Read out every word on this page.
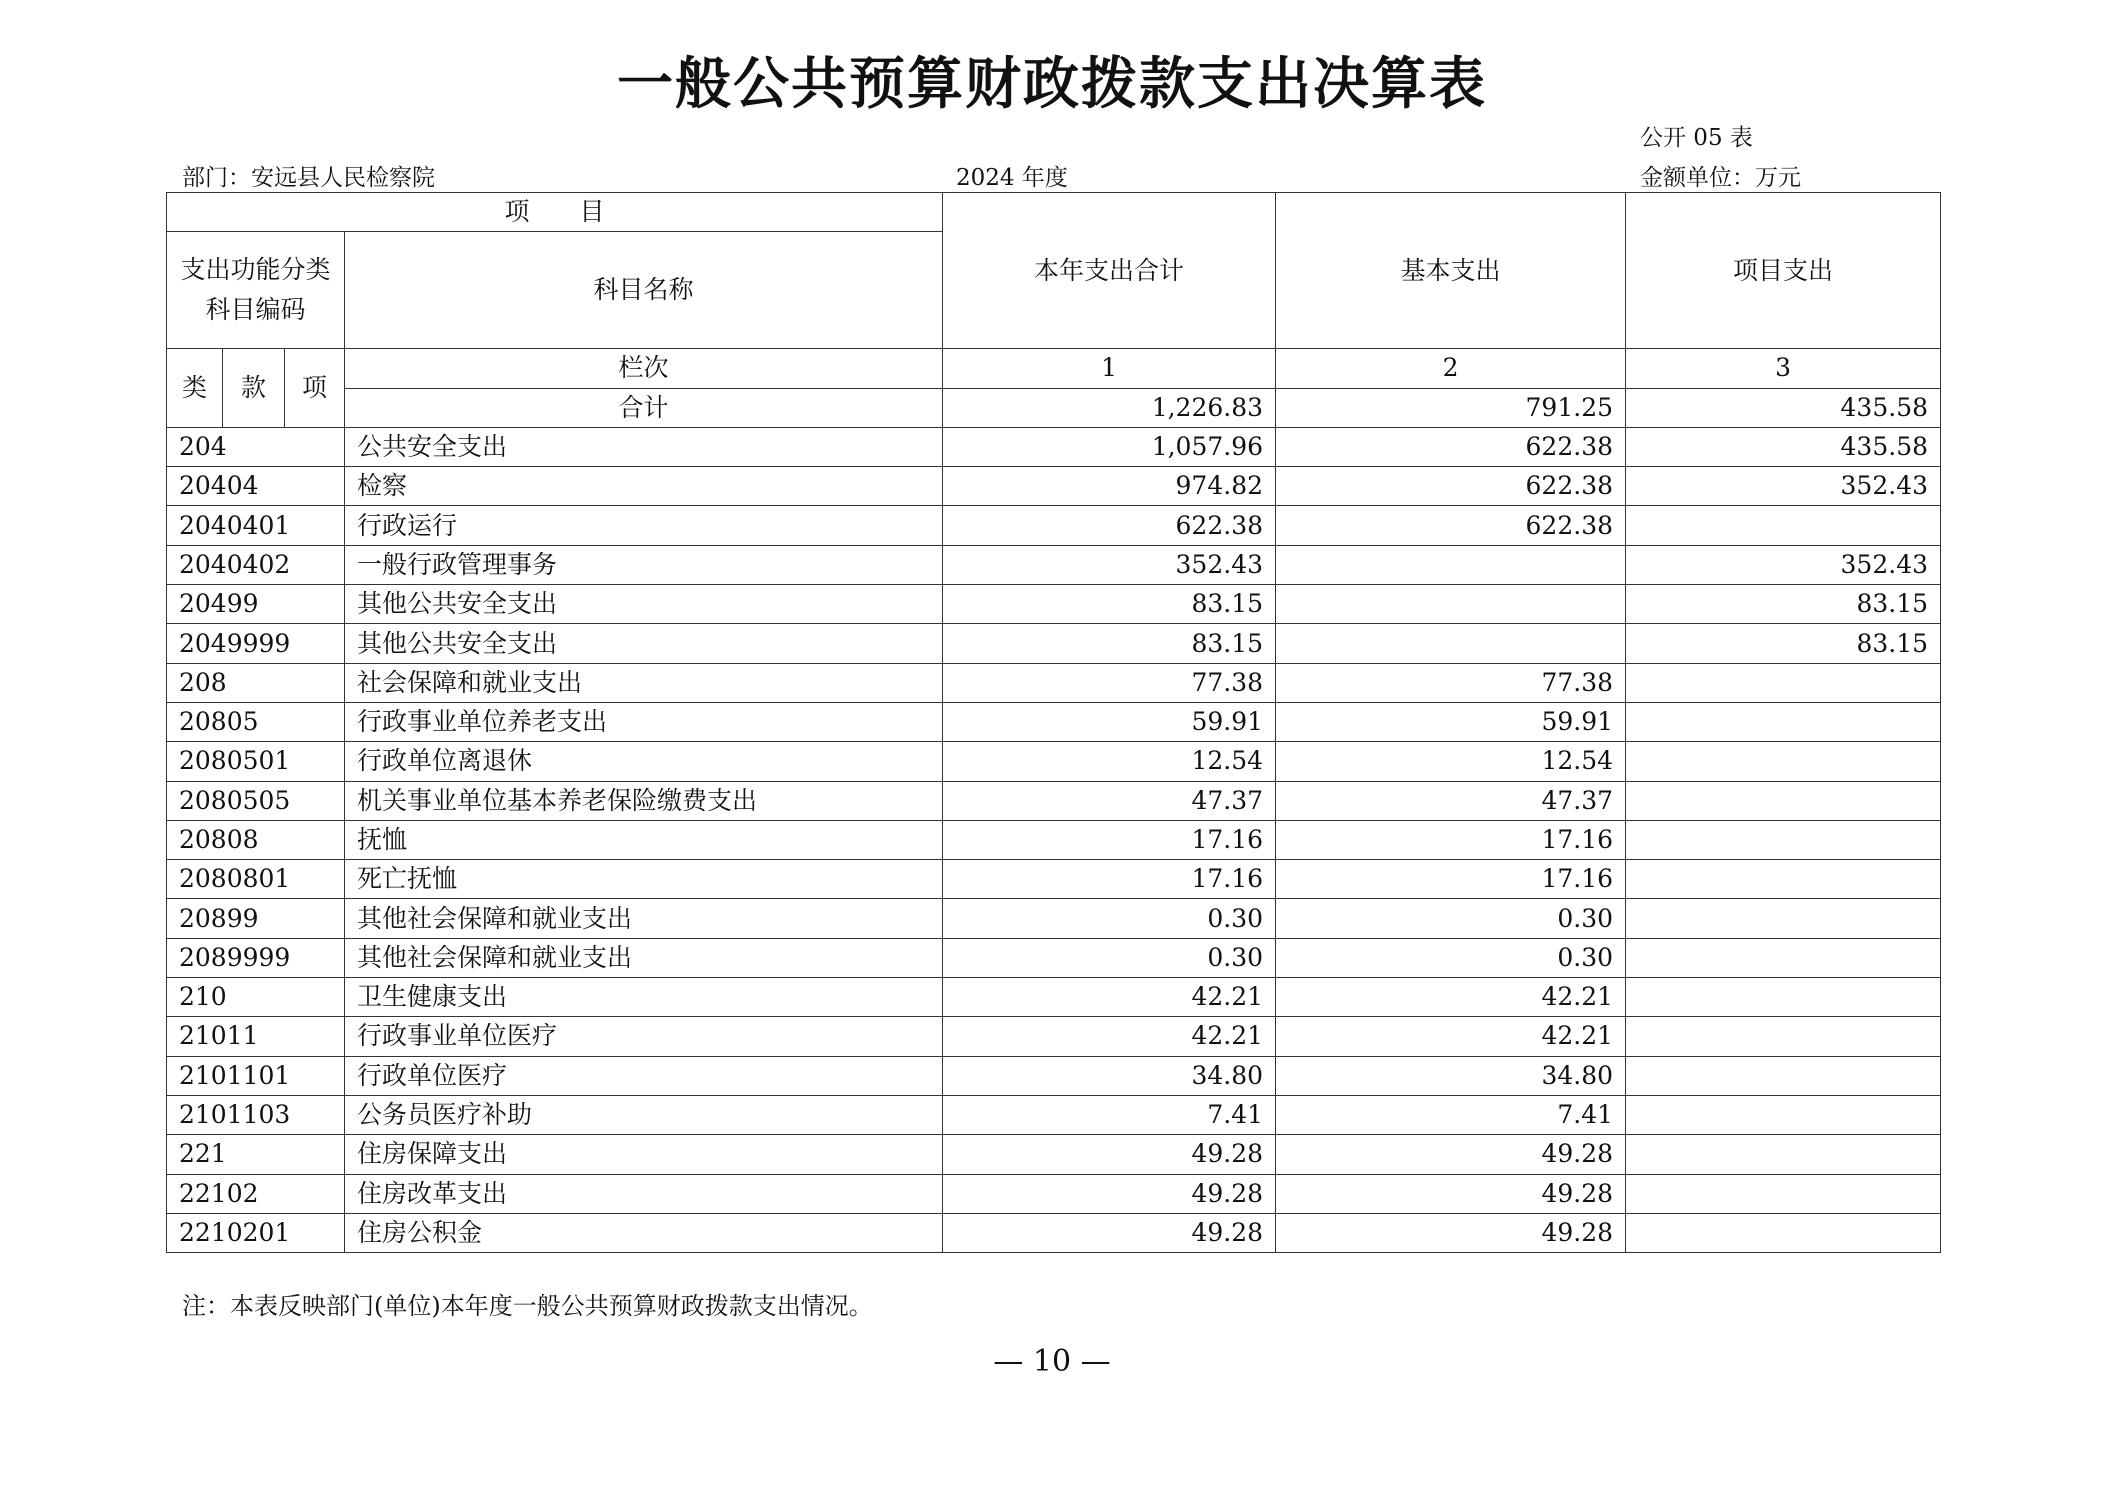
一般公共预算财政拨款支出决算表
公开 05 表
部门：安远县人民检察院	2024 年度	金额单位：万元
项　　目				本年支出合计	基本支出	项目支出
支出功能分类科目编码			科目名称			
类	款	项	栏次	1	2	3
			合计	1,226.83	791.25	435.58
204			公共安全支出	1,057.96	622.38	435.58
20404			检察	974.82	622.38	352.43
2040401			行政运行	622.38	622.38	
2040402			一般行政管理事务	352.43		352.43
20499			其他公共安全支出	83.15		83.15
2049999			其他公共安全支出	83.15		83.15
208			社会保障和就业支出	77.38	77.38	
20805			行政事业单位养老支出	59.91	59.91	
2080501			行政单位离退休	12.54	12.54	
2080505			机关事业单位基本养老保险缴费支出	47.37	47.37	
20808			抚恤	17.16	17.16	
2080801			死亡抚恤	17.16	17.16	
20899			其他社会保障和就业支出	0.30	0.30	
2089999			其他社会保障和就业支出	0.30	0.30	
210			卫生健康支出	42.21	42.21	
21011			行政事业单位医疗	42.21	42.21	
2101101			行政单位医疗	34.80	34.80	
2101103			公务员医疗补助	7.41	7.41	
221			住房保障支出	49.28	49.28	
22102			住房改革支出	49.28	49.28	
2210201			住房公积金	49.28	49.28	
注：本表反映部门(单位)本年度一般公共预算财政拨款支出情况。
— 10 —
